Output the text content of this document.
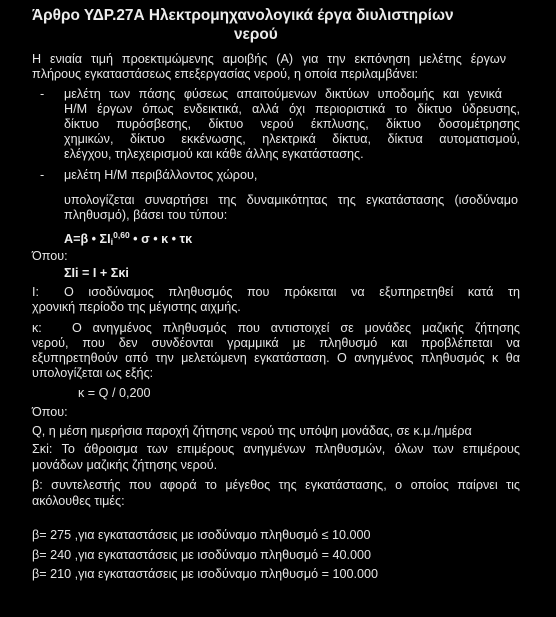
Άρθρο ΥΔΡ.27Α Ηλεκτρομηχανολογικά έργα διυλιστηρίων
νερού
Η ενιαία τιμή προεκτιμώμενης αμοιβής (Α) για την εκπόνηση μελέτης έργων
πλήρους εγκαταστάσεως επεξεργασίας νερού, η οποία περιλαμβάνει:
- μελέτη των πάσης φύσεως απαιτούμενων δικτύων υποδομής και γενικά
Η/Μ έργων όπως ενδεικτικά, αλλά όχι περιοριστικά το δίκτυο ύδρευσης,
δίκτυο πυρόσβεσης, δίκτυο νερού έκπλυσης, δίκτυο δοσομέτρησης
χημικών, δίκτυο εκκένωσης, ηλεκτρικά δίκτυα, δίκτυα αυτοματισμού,
ελέγχου, τηλεχειρισμού και κάθε άλλης εγκατάστασης.
- μελέτη Η/Μ περιβάλλοντος χώρου,
υπολογίζεται συναρτήσει της δυναμικότητας της εγκατάστασης (ισοδύναμο
πληθυσμό), βάσει του τύπου:
Α=β • $\Sigma I_i^{0,60}$ • σ • κ • τκ
Όπου:
ΣΙi = Ι + Σκi
Ι: Ο ισοδύναμος πληθυσμός που πρόκειται να εξυπηρετηθεί κατά τη
χρονική περίοδο της μέγιστης αιχμής.
κ: Ο ανηγμένος πληθυσμός που αντιστοιχεί σε μονάδες μαζικής ζήτησης
νερού, που δεν συνδέονται γραμμικά με πληθυσμό και προβλέπεται να
εξυπηρετηθούν από την μελετώμενη εγκατάσταση. Ο ανηγμένος πληθυσμός κ θα
υπολογίζεται ως εξής:
κ = Q / 0,200
Όπου:
Q, η μέση ημερήσια παροχή ζήτησης νερού της υπόψη μονάδας, σε κ.μ./ημέρα
Σκi: Το άθροισμα των επιμέρους ανηγμένων πληθυσμών, όλων των επιμέρους
μονάδων μαζικής ζήτησης νερού.
β: συντελεστής που αφορά το μέγεθος της εγκατάστασης, ο οποίος παίρνει τις
ακόλουθες τιμές:
β= 275 ,για εγκαταστάσεις με ισοδύναμο πληθυσμό ≤ 10.000
β= 240 ,για εγκαταστάσεις με ισοδύναμο πληθυσμό = 40.000
β= 210 ,για εγκαταστάσεις με ισοδύναμο πληθυσμό = 100.000
